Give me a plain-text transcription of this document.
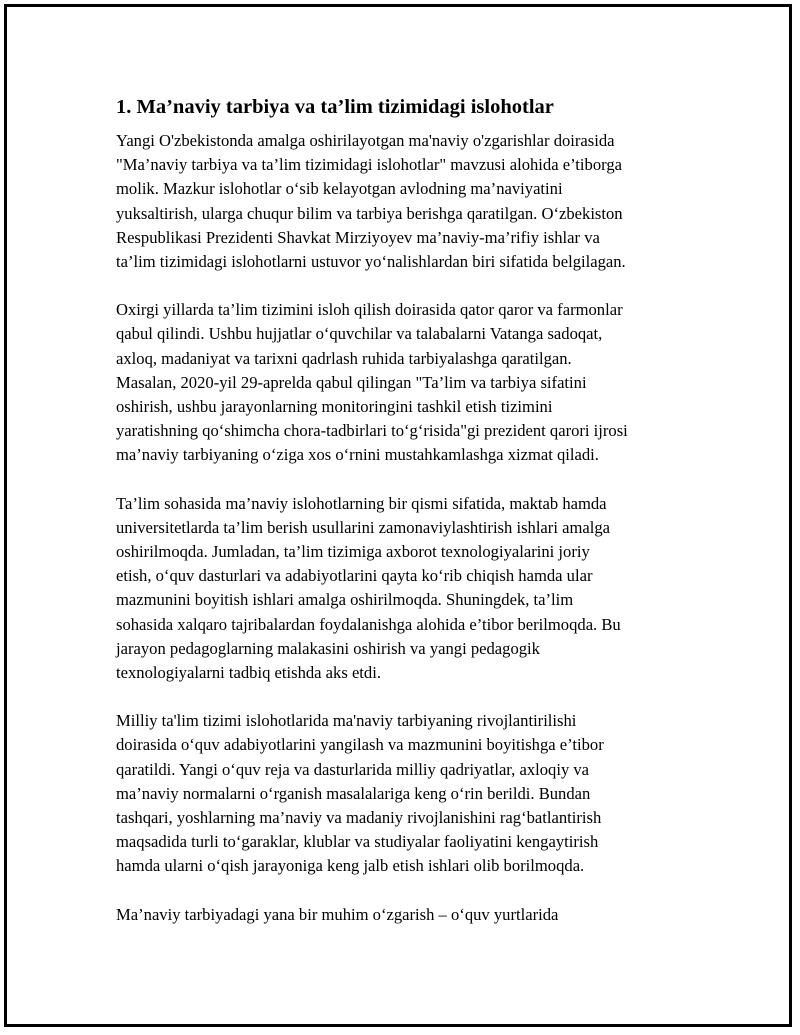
1. Ma’naviy tarbiya va ta’lim tizimidagi islohotlar

Yangi O'zbekistonda amalga oshirilayotgan ma'naviy o'zgarishlar doirasida
"Ma’naviy tarbiya va ta’lim tizimidagi islohotlar" mavzusi alohida e’tiborga
molik. Mazkur islohotlar o‘sib kelayotgan avlodning ma’naviyatini
yuksaltirish, ularga chuqur bilim va tarbiya berishga qaratilgan. O‘zbekiston
Respublikasi Prezidenti Shavkat Mirziyoyev ma’naviy-ma’rifiy ishlar va
ta’lim tizimidagi islohotlarni ustuvor yo‘nalishlardan biri sifatida belgilagan.

Oxirgi yillarda ta’lim tizimini isloh qilish doirasida qator qaror va farmonlar
qabul qilindi. Ushbu hujjatlar o‘quvchilar va talabalarni Vatanga sadoqat,
axloq, madaniyat va tarixni qadrlash ruhida tarbiyalashga qaratilgan.
Masalan, 2020-yil 29-aprelda qabul qilingan "Ta’lim va tarbiya sifatini
oshirish, ushbu jarayonlarning monitoringini tashkil etish tizimini
yaratishning qo‘shimcha chora-tadbirlari to‘g‘risida"gi prezident qarori ijrosi
ma’naviy tarbiyaning o‘ziga xos o‘rnini mustahkamlashga xizmat qiladi.

Ta’lim sohasida ma’naviy islohotlarning bir qismi sifatida, maktab hamda
universitetlarda ta’lim berish usullarini zamonaviylashtirish ishlari amalga
oshirilmoqda. Jumladan, ta’lim tizimiga axborot texnologiyalarini joriy
etish, o‘quv dasturlari va adabiyotlarini qayta ko‘rib chiqish hamda ular
mazmunini boyitish ishlari amalga oshirilmoqda. Shuningdek, ta’lim
sohasida xalqaro tajribalardan foydalanishga alohida e’tibor berilmoqda. Bu
jarayon pedagoglarning malakasini oshirish va yangi pedagogik
texnologiyalarni tadbiq etishda aks etdi.

Milliy ta'lim tizimi islohotlarida ma'naviy tarbiyaning rivojlantirilishi
doirasida o‘quv adabiyotlarini yangilash va mazmunini boyitishga e’tibor
qaratildi. Yangi o‘quv reja va dasturlarida milliy qadriyatlar, axloqiy va
ma’naviy normalarni o‘rganish masalalariga keng o‘rin berildi. Bundan
tashqari, yoshlarning ma’naviy va madaniy rivojlanishini rag‘batlantirish
maqsadida turli to‘garaklar, klublar va studiyalar faoliyatini kengaytirish
hamda ularni o‘qish jarayoniga keng jalb etish ishlari olib borilmoqda.

Ma’naviy tarbiyadagi yana bir muhim o‘zgarish – o‘quv yurtlarida
